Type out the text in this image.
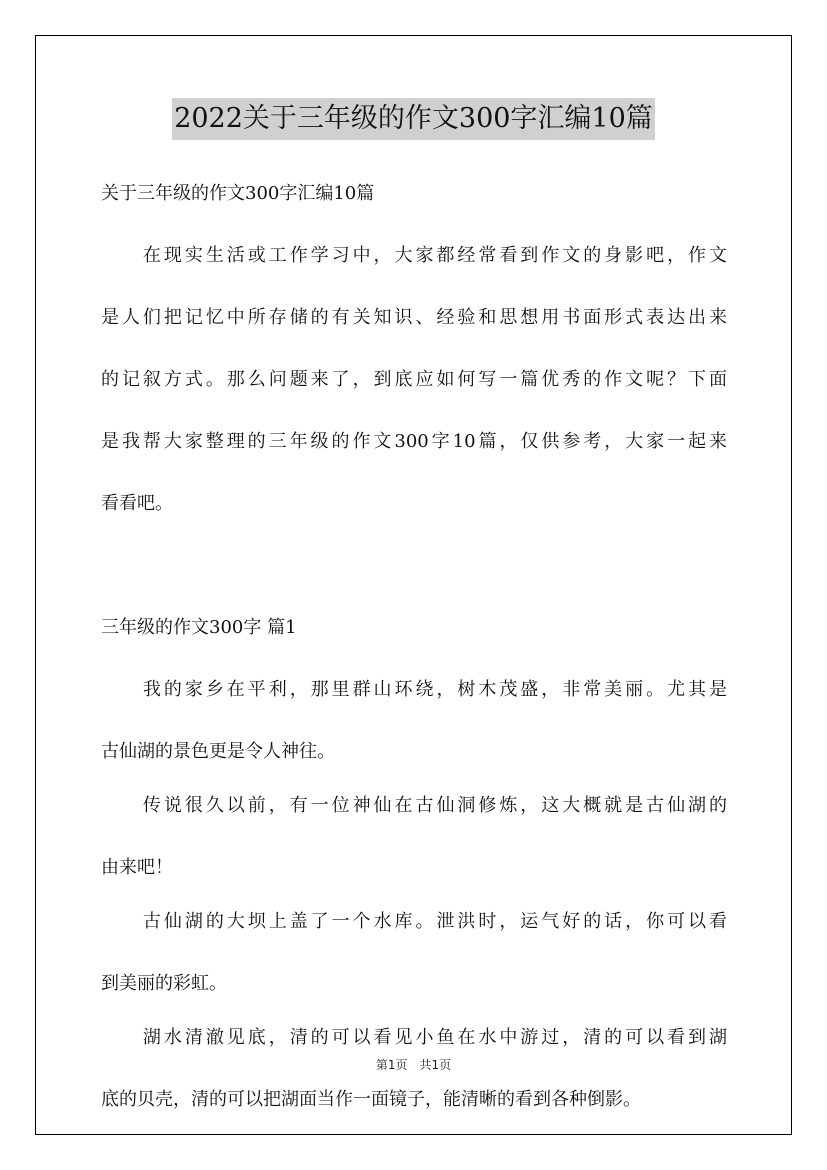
2022关于三年级的作文300字汇编10篇
关于三年级的作文300字汇编10篇
　　在现实生活或工作学习中，大家都经常看到作文的身影吧，作文
是人们把记忆中所存储的有关知识、经验和思想用书面形式表达出来
的记叙方式。那么问题来了，到底应如何写一篇优秀的作文呢？下面
是我帮大家整理的三年级的作文300字10篇，仅供参考，大家一起来
看看吧。
三年级的作文300字 篇1
　　我的家乡在平利，那里群山环绕，树木茂盛，非常美丽。尤其是
古仙湖的景色更是令人神往。
　　传说很久以前，有一位神仙在古仙洞修炼，这大概就是古仙湖的
由来吧！
　　古仙湖的大坝上盖了一个水库。泄洪时，运气好的话，你可以看
到美丽的彩虹。
　　湖水清澈见底，清的可以看见小鱼在水中游过，清的可以看到湖
底的贝壳，清的可以把湖面当作一面镜子，能清晰的看到各种倒影。
第1页　共1页
